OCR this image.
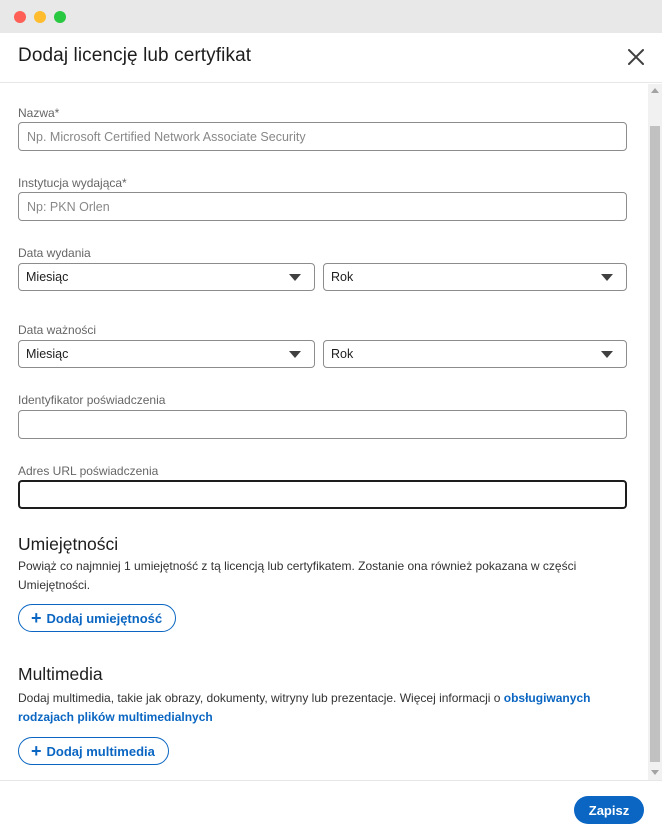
Dodaj licencję lub certyfikat
Nazwa*
Np. Microsoft Certified Network Associate Security
Instytucja wydająca*
Np: PKN Orlen
Data wydania
Miesiąc	Rok
Data ważności
Miesiąc	Rok
Identyfikator poświadczenia
Adres URL poświadczenia
Umiejętności

Powiąż co najmniej 1 umiejętność z tą licencją lub certyfikatem. Zostanie ona również pokazana w części Umiejętności.

+ Dodaj umiejętność
Multimedia

Dodaj multimedia, takie jak obrazy, dokumenty, witryny lub prezentacje. Więcej informacji o obsługiwanych rodzajach plików multimedialnych

+ Dodaj multimedia
Zapisz
